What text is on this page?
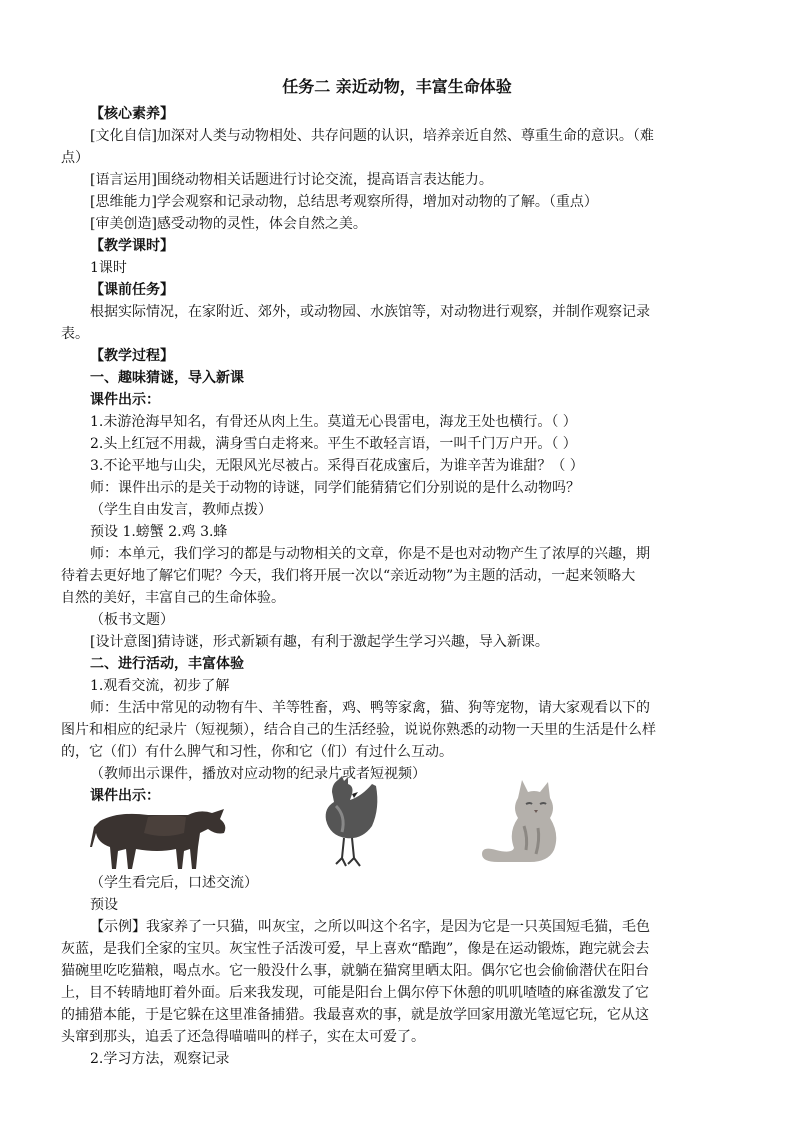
任务二 亲近动物，丰富生命体验
【核心素养】
[文化自信]加深对人类与动物相处、共存问题的认识，培养亲近自然、尊重生命的意识。（难
点）
[语言运用]围绕动物相关话题进行讨论交流，提高语言表达能力。
[思维能力]学会观察和记录动物，总结思考观察所得，增加对动物的了解。（重点）
[审美创造]感受动物的灵性，体会自然之美。
【教学课时】
1课时
【课前任务】
根据实际情况，在家附近、郊外，或动物园、水族馆等，对动物进行观察，并制作观察记录
表。
【教学过程】
一、趣味猜谜，导入新课
课件出示：
1.未游沧海早知名，有骨还从肉上生。莫道无心畏雷电，海龙王处也横行。（ ）
2.头上红冠不用裁，满身雪白走将来。平生不敢轻言语，一叫千门万户开。（ ）
3.不论平地与山尖，无限风光尽被占。采得百花成蜜后，为谁辛苦为谁甜？（ ）
师：课件出示的是关于动物的诗谜，同学们能猜猜它们分别说的是什么动物吗？
（学生自由发言，教师点拨）
预设 1.螃蟹 2.鸡 3.蜂
师：本单元，我们学习的都是与动物相关的文章，你是不是也对动物产生了浓厚的兴趣，期
待着去更好地了解它们呢？今天，我们将开展一次以“亲近动物”为主题的活动，一起来领略大
自然的美好，丰富自己的生命体验。
（板书文题）
[设计意图]猜诗谜，形式新颖有趣，有利于激起学生学习兴趣，导入新课。
二、进行活动，丰富体验
1.观看交流，初步了解
师：生活中常见的动物有牛、羊等牲畜，鸡、鸭等家禽，猫、狗等宠物，请大家观看以下的
图片和相应的纪录片（短视频），结合自己的生活经验，说说你熟悉的动物一天里的生活是什么样
的，它（们）有什么脾气和习性，你和它（们）有过什么互动。
（教师出示课件，播放对应动物的纪录片或者短视频）
课件出示：
（学生看完后，口述交流）
预设
【示例】我家养了一只猫，叫灰宝，之所以叫这个名字，是因为它是一只英国短毛猫，毛色
灰蓝，是我们全家的宝贝。灰宝性子活泼可爱，早上喜欢“酷跑”，像是在运动锻炼，跑完就会去
猫碗里吃吃猫粮，喝点水。它一般没什么事，就躺在猫窝里晒太阳。偶尔它也会偷偷潜伏在阳台
上，目不转睛地盯着外面。后来我发现，可能是阳台上偶尔停下休憩的叽叽喳喳的麻雀激发了它
的捕猎本能，于是它躲在这里准备捕猎。我最喜欢的事，就是放学回家用激光笔逗它玩，它从这
头窜到那头，追丢了还急得喵喵叫的样子，实在太可爱了。
2.学习方法，观察记录
